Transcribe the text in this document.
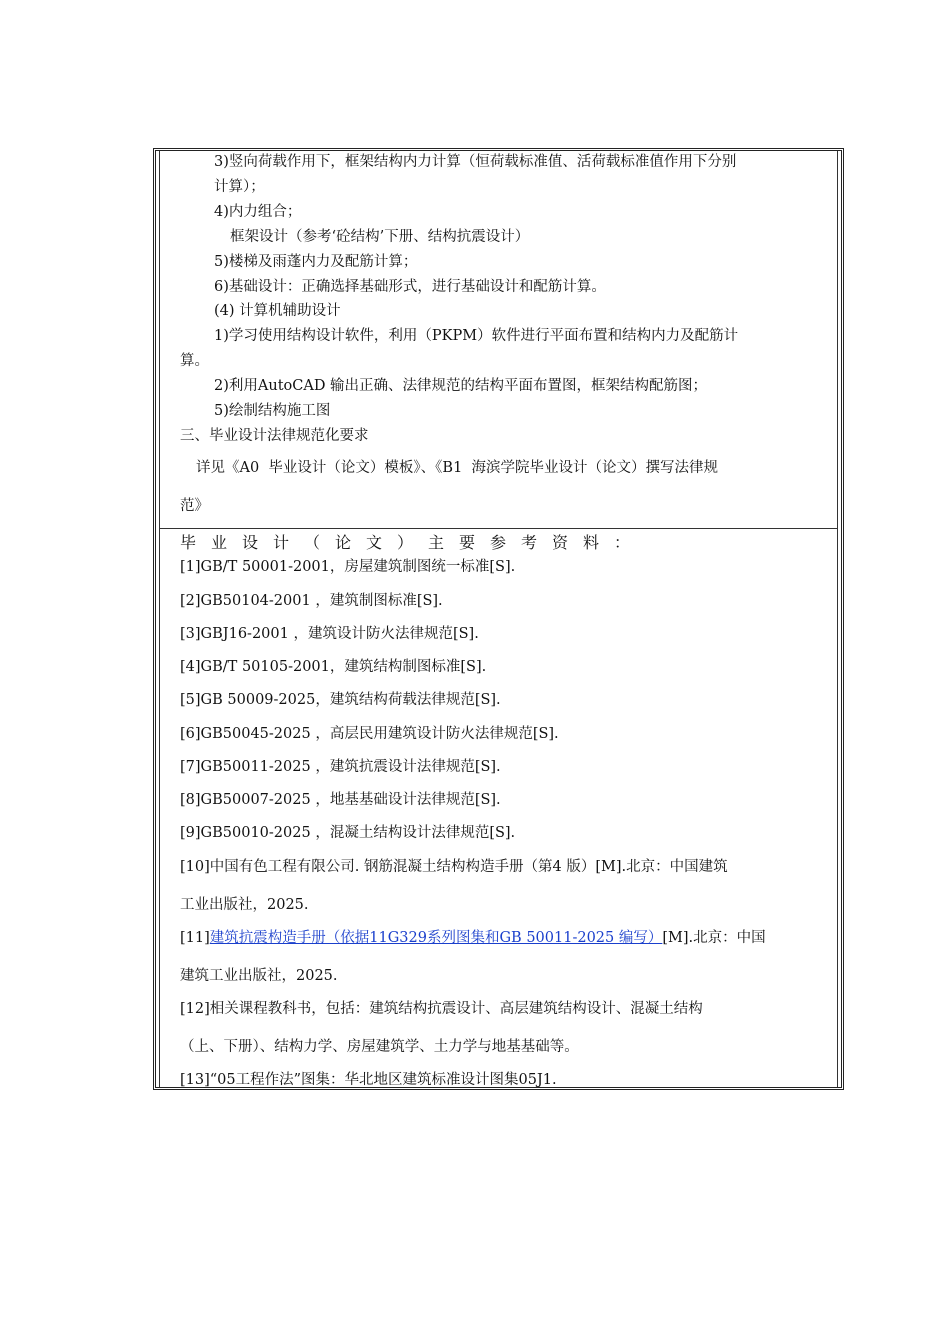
3)竖向荷载作用下，框架结构内力计算（恒荷载标准值、活荷载标准值作用下分别
计算）；
4)内力组合；
框架设计（参考‘砼结构’下册、结构抗震设计）
5)楼梯及雨蓬内力及配筋计算；
6)基础设计：正确选择基础形式，进行基础设计和配筋计算。
(4) 计算机辅助设计
1)学习使用结构设计软件，利用（PKPM）软件进行平面布置和结构内力及配筋计
算。
2)利用AutoCAD 输出正确、法律规范的结构平面布置图，框架结构配筋图；
5)绘制结构施工图
三、毕业设计法律规范化要求
详见《A0  毕业设计（论文）模板》、《B1  海滨学院毕业设计（论文）撰写法律规
范》
毕业设计（论文）主要参考资料：
[1]GB/T 50001-2001，房屋建筑制图统一标准[S].
[2]GB50104-2001 ，建筑制图标准[S].
[3]GBJ16-2001 ，建筑设计防火法律规范[S].
[4]GB/T 50105-2001，建筑结构制图标准[S].
[5]GB 50009-2025，建筑结构荷载法律规范[S].
[6]GB50045-2025 ，高层民用建筑设计防火法律规范[S].
[7]GB50011-2025 ，建筑抗震设计法律规范[S].
[8]GB50007-2025 ，地基基础设计法律规范[S].
[9]GB50010-2025 ，混凝土结构设计法律规范[S].
[10]中国有色工程有限公司. 钢筋混凝土结构构造手册（第4 版）[M].北京：中国建筑
工业出版社，2025.
[11]建筑抗震构造手册（依据11G329系列图集和GB 50011-2025 编写）[M].北京：中国
建筑工业出版社，2025.
[12]相关课程教科书，包括：建筑结构抗震设计、高层建筑结构设计、混凝土结构
（上、下册）、结构力学、房屋建筑学、土力学与地基基础等。
[13]“05工程作法”图集：华北地区建筑标准设计图集05J1.
